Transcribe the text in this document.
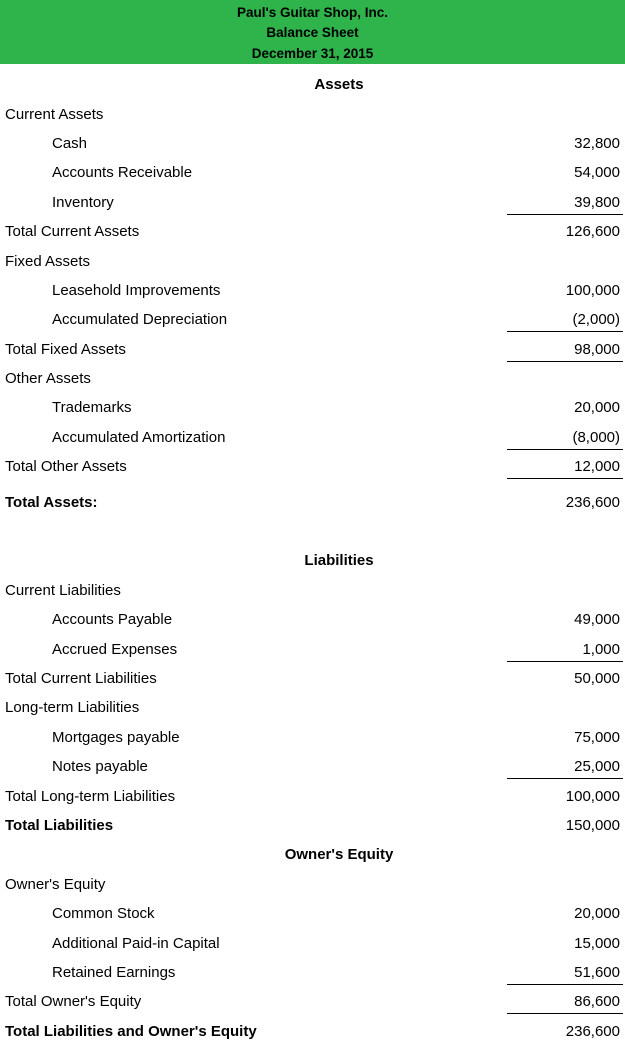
Paul's Guitar Shop, Inc.
Balance Sheet
December 31, 2015
Assets
Current Assets
Cash	32,800
Accounts Receivable	54,000
Inventory	39,800
Total Current Assets	126,600
Fixed Assets
Leasehold Improvements	100,000
Accumulated Depreciation	(2,000)
Total Fixed Assets	98,000
Other Assets
Trademarks	20,000
Accumulated Amortization	(8,000)
Total Other Assets	12,000
Total Assets:	236,600
Liabilities
Current Liabilities
Accounts Payable	49,000
Accrued Expenses	1,000
Total Current Liabilities	50,000
Long-term Liabilities
Mortgages payable	75,000
Notes payable	25,000
Total Long-term Liabilities	100,000
Total Liabilities	150,000
Owner's Equity
Owner's Equity
Common Stock	20,000
Additional Paid-in Capital	15,000
Retained Earnings	51,600
Total Owner's Equity	86,600
Total Liabilities and Owner's Equity	236,600
